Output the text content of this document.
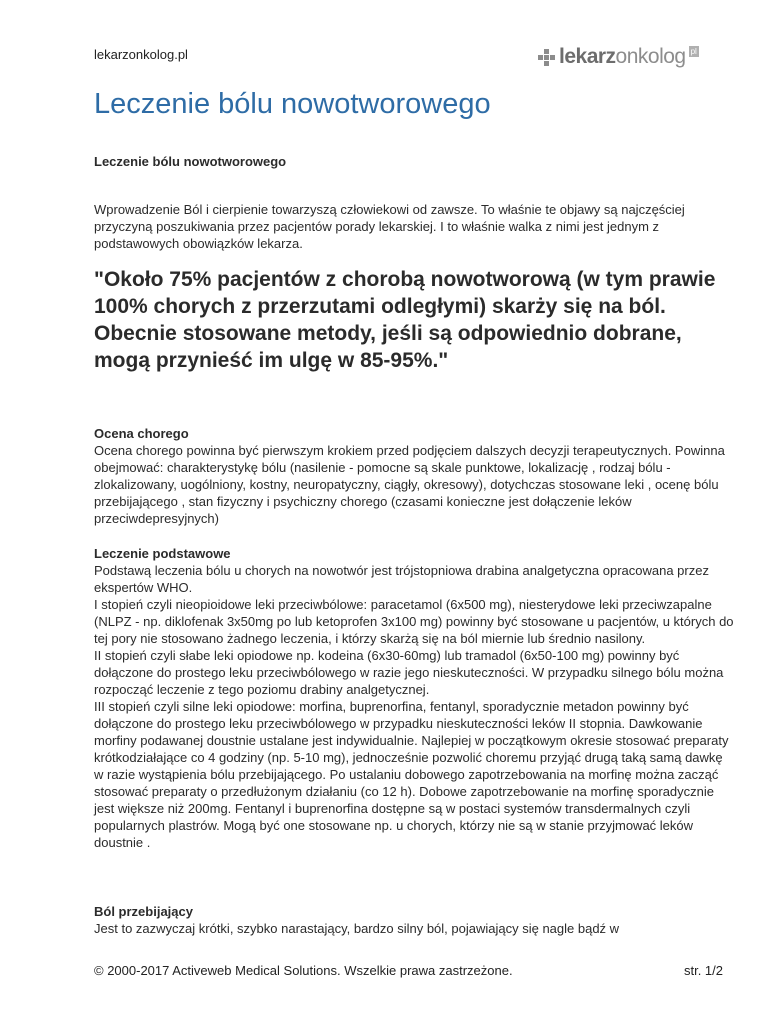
lekarzonkolog.pl	lekarz onkolog pl
Leczenie bólu nowotworowego
Leczenie bólu nowotworowego

Wprowadzenie Ból i cierpienie towarzyszą człowiekowi od zawsze. To właśnie te objawy są najczęściej przyczyną poszukiwania przez pacjentów porady lekarskiej. I to właśnie walka z nimi jest jednym z podstawowych obowiązków lekarza.

"Około 75% pacjentów z chorobą nowotworową (w tym prawie 100% chorych z przerzutami odległymi) skarży się na ból. Obecnie stosowane metody, jeśli są odpowiednio dobrane, mogą przynieść im ulgę w 85-95%."

Ocena chorego

Ocena chorego powinna być pierwszym krokiem przed podjęciem dalszych decyzji terapeutycznych. Powinna obejmować: charakterystykę bólu (nasilenie - pomocne są skale punktowe, lokalizację , rodzaj bólu - zlokalizowany, uogólniony, kostny, neuropatyczny, ciągły, okresowy), dotychczas stosowane leki , ocenę bólu przebijającego , stan fizyczny i psychiczny chorego (czasami konieczne jest dołączenie leków przeciwdepresyjnych)

Leczenie podstawowe

Podstawą leczenia bólu u chorych na nowotwór jest trójstopniowa drabina analgetyczna opracowana przez ekspertów WHO.

I stopień czyli nieopioidowe leki przeciwbólowe: paracetamol (6x500 mg), niesterydowe leki przeciwzapalne (NLPZ - np. diklofenak 3x50mg po lub ketoprofen 3x100 mg) powinny być stosowane u pacjentów, u których do tej pory nie stosowano żadnego leczenia, i którzy skarżą się na ból miernie lub średnio nasilony.

II stopień czyli słabe leki opiodowe np. kodeina (6x30-60mg) lub tramadol (6x50-100 mg) powinny być dołączone do prostego leku przeciwbólowego w razie jego nieskuteczności. W przypadku silnego bólu można rozpocząć leczenie z tego poziomu drabiny analgetycznej.

III stopień czyli silne leki opiodowe: morfina, buprenorfina, fentanyl, sporadycznie metadon powinny być dołączone do prostego leku przeciwbólowego w przypadku nieskuteczności leków II stopnia. Dawkowanie morfiny podawanej doustnie ustalane jest indywidualnie. Najlepiej w początkowym okresie stosować preparaty krótkodziałające co 4 godziny (np. 5-10 mg), jednocześnie pozwolić choremu przyjąć drugą taką samą dawkę w razie wystąpienia bólu przebijającego. Po ustalaniu dobowego zapotrzebowania na morfinę można zacząć stosować preparaty o przedłużonym działaniu (co 12 h). Dobowe zapotrzebowanie na morfinę sporadycznie jest większe niż 200mg. Fentanyl i buprenorfina dostępne są w postaci systemów transdermalnych czyli popularnych plastrów. Mogą być one stosowane np. u chorych, którzy nie są w stanie przyjmować leków doustnie .

Ból przebijający

Jest to zazwyczaj krótki, szybko narastający, bardzo silny ból, pojawiający się nagle bądź w

© 2000-2017 Activeweb Medical Solutions. Wszelkie prawa zastrzeżone.	str. 1/2
